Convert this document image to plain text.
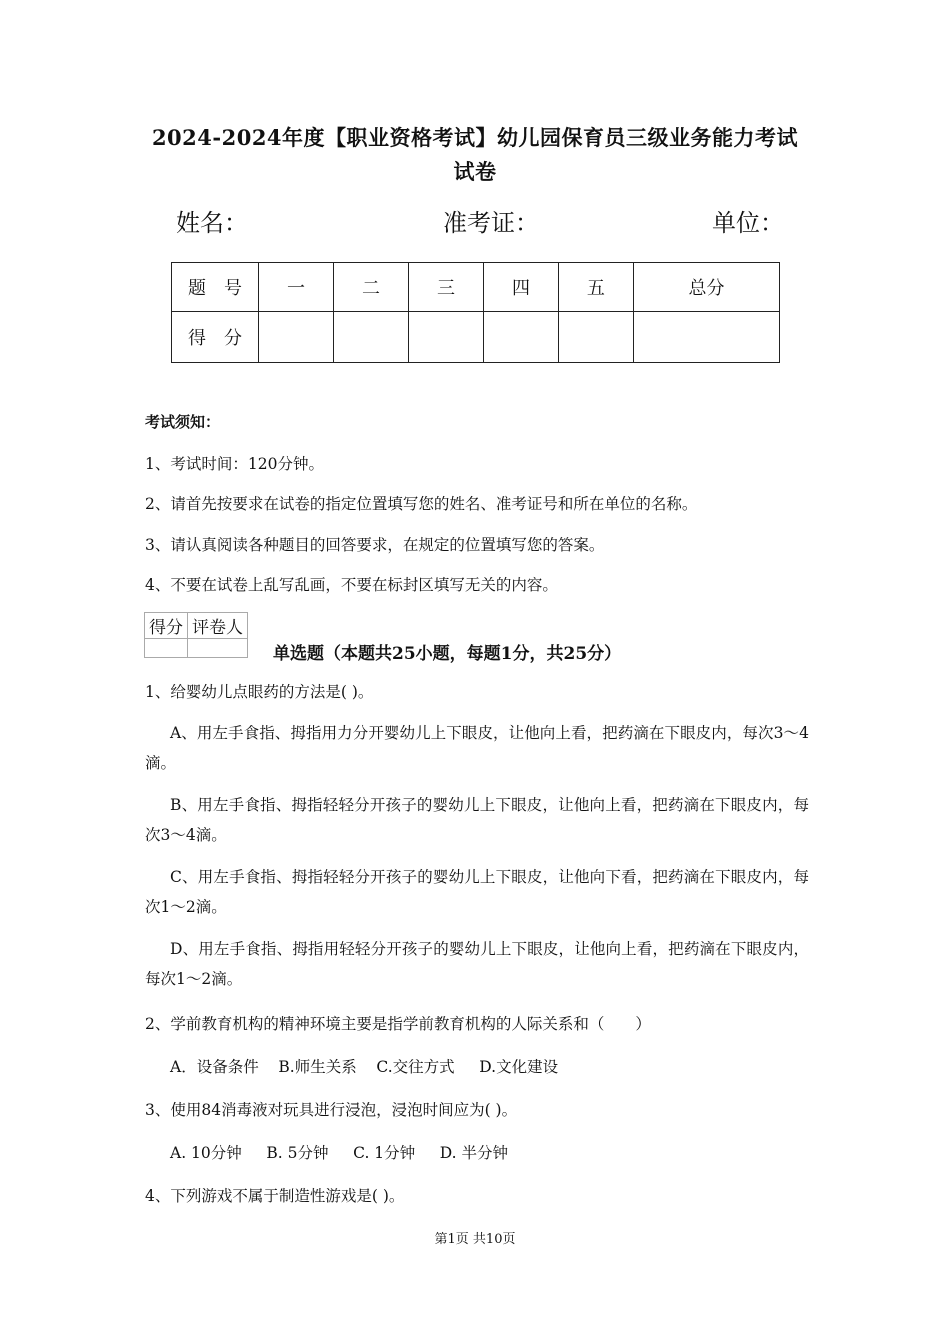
2024-2024年度【职业资格考试】幼儿园保育员三级业务能力考试
试卷
姓名：	准考证：	单位：
题　号	一	二	三	四	五	总分
得　分						
考试须知：
1、考试时间：120分钟。
2、请首先按要求在试卷的指定位置填写您的姓名、准考证号和所在单位的名称。
3、请认真阅读各种题目的回答要求，在规定的位置填写您的答案。
4、不要在试卷上乱写乱画，不要在标封区填写无关的内容。
得分	评卷人

单选题（本题共25小题，每题1分，共25分）
1、给婴幼儿点眼药的方法是( )。
A、用左手食指、拇指用力分开婴幼儿上下眼皮，让他向上看，把药滴在下眼皮内，每次3～4滴。
B、用左手食指、拇指轻轻分开孩子的婴幼儿上下眼皮，让他向上看，把药滴在下眼皮内，每次3～4滴。
C、用左手食指、拇指轻轻分开孩子的婴幼儿上下眼皮，让他向下看，把药滴在下眼皮内，每次1～2滴。
D、用左手食指、拇指用轻轻分开孩子的婴幼儿上下眼皮，让他向上看，把药滴在下眼皮内，每次1～2滴。
2、学前教育机构的精神环境主要是指学前教育机构的人际关系和（　　）
A．设备条件    B.师生关系    C.交往方式     D.文化建设
3、使用84消毒液对玩具进行浸泡，浸泡时间应为( )。
A. 10分钟     B. 5分钟     C. 1分钟     D. 半分钟
4、下列游戏不属于制造性游戏是( )。
第1页 共10页
